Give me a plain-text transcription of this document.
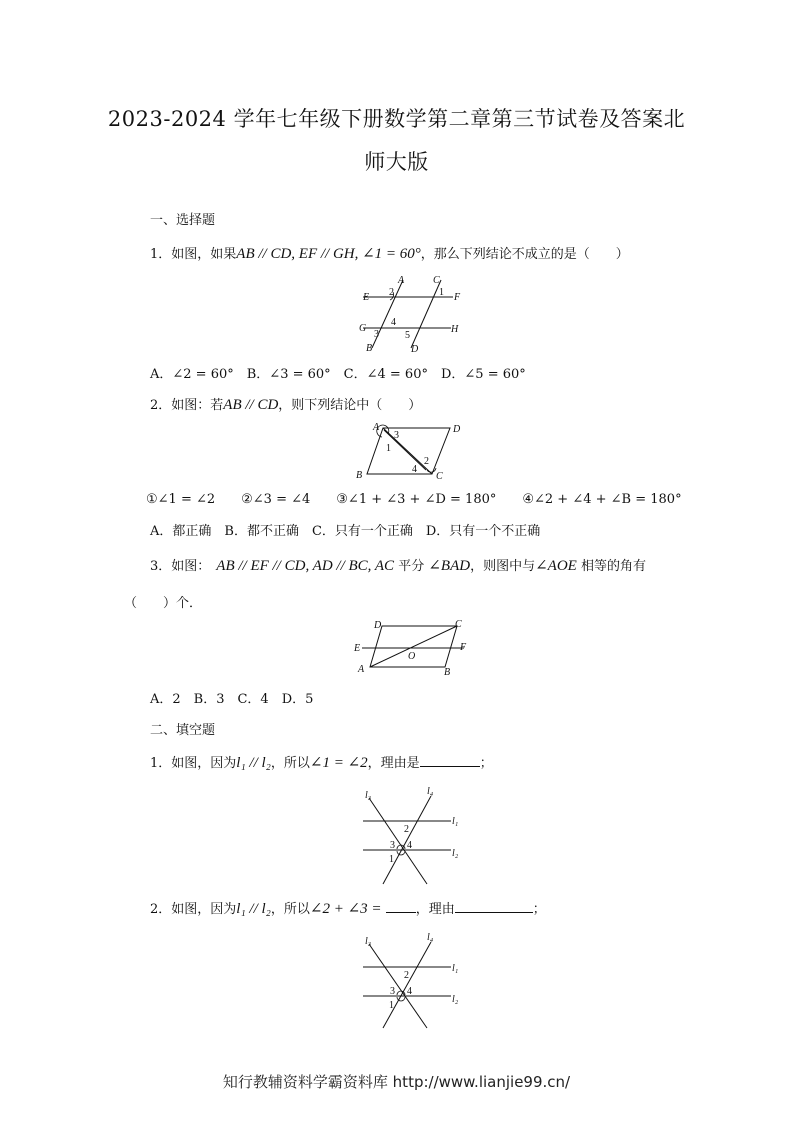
2023-2024 学年七年级下册数学第二章第三节试卷及答案北
师大版
一、选择题
1．如图，如果AB // CD, EF // GH, ∠1 = 60°，那么下列结论不成立的是（　　）
A	C
E	F
G	H
B	D
2	1
3
4
5
A．∠2 = 60°　B．∠3 = 60°　C．∠4 = 60°　D．∠5 = 60°
2．如图：若AB // CD，则下列结论中（　　）
A	D
B	C
3
1
2
4
①∠1 = ∠2　　②∠3 = ∠4　　③∠1 + ∠3 + ∠D = 180°　　④∠2 + ∠4 + ∠B = 180°
A．都正确　B．都不正确　C．只有一个正确　D．只有一个不正确
3．如图： AB // EF // CD, AD // BC, AC 平分 ∠BAD，则图中与∠AOE 相等的角有
（　　）个．
D	C
E	F
O
A	B
A．2　B．3　C．4　D．5
二、填空题
1．如图，因为l₁ // l₂，所以∠1 = ∠2，理由是	；
l₃	l₄
l₁
l₂
2
3 4
1
2．如图，因为l₁ // l₂，所以∠2 + ∠3 =	，理由	；
l₃	l₄
l₁
l₂
2
3 4
1
知行教辅资料学霸资料库 http://www.lianjie99.cn/
